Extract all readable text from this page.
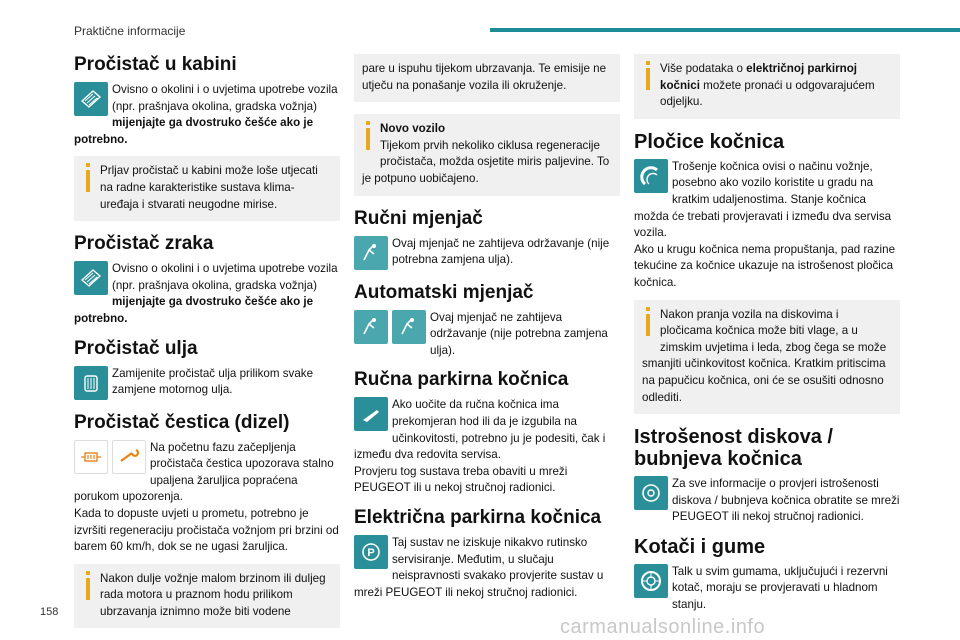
Praktične informacije
Pročistač u kabini

Ovisno o okolini i o uvjetima upotrebe vozila (npr. prašnjava okolina, gradska vožnja) mijenjajte ga dvostruko češće ako je potrebno.

Prljav pročistač u kabini može loše utjecati na radne karakteristike sustava klima-uređaja i stvarati neugodne mirise.

Pročistač zraka

Ovisno o okolini i o uvjetima upotrebe vozila (npr. prašnjava okolina, gradska vožnja) mijenjajte ga dvostruko češće ako je potrebno.

Pročistač ulja

Zamijenite pročistač ulja prilikom svake zamjene motornog ulja.

Pročistač čestica (dizel)

Na početnu fazu začepljenja pročistača čestica upozorava stalno upaljena žaruljica popraćena porukom upozorenja.

Kada to dopuste uvjeti u prometu, potrebno je izvršiti regeneraciju pročistača vožnjom pri brzini od barem 60 km/h, dok se ne ugasi žaruljica.

Nakon dulje vožnje malom brzinom ili duljeg rada motora u praznom hodu prilikom ubrzavanja iznimno može biti vodene

pare u ispuhu tijekom ubrzavanja. Te emisije ne utječu na ponašanje vozila ili okruženje.

Novo vozilo

Tijekom prvih nekoliko ciklusa regeneracije pročistača, možda osjetite miris paljevine. To je potpuno uobičajeno.

Ručni mjenjač

Ovaj mjenjač ne zahtijeva održavanje (nije potrebna zamjena ulja).

Automatski mjenjač

Ovaj mjenjač ne zahtijeva održavanje (nije potrebna zamjena ulja).

Ručna parkirna kočnica

Ako uočite da ručna kočnica ima prekomjeran hod ili da je izgubila na učinkovitosti, potrebno ju je podesiti, čak i između dva redovita servisa.

Provjeru tog sustava treba obaviti u mreži PEUGEOT ili u nekoj stručnoj radionici.

Električna parkirna kočnica
P

Taj sustav ne iziskuje nikakvo rutinsko servisiranje. Međutim, u slučaju neispravnosti svakako provjerite sustav u mreži PEUGEOT ili nekoj stručnoj radionici.

Više podataka o električnoj parkirnoj kočnici možete pronaći u odgovarajućem odjeljku.

Pločice kočnica

Trošenje kočnica ovisi o načinu vožnje, posebno ako vozilo koristite u gradu na kratkim udaljenostima. Stanje kočnica možda će trebati provjeravati i između dva servisa vozila.

Ako u krugu kočnica nema propuštanja, pad razine tekućine za kočnice ukazuje na istrošenost pločica kočnica.

Nakon pranja vozila na diskovima i pločicama kočnica može biti vlage, a u zimskim uvjetima i leda, zbog čega se može smanjiti učinkovitost kočnica. Kratkim pritiscima na papučicu kočnica, oni će se osušiti odnosno odlediti.

Istrošenost diskova / bubnjeva kočnica

Za sve informacije o provjeri istrošenosti diskova / bubnjeva kočnica obratite se mreži PEUGEOT ili nekoj stručnoj radionici.

Kotači i gume

Talk u svim gumama, uključujući i rezervni kotač, moraju se provjeravati u hladnom stanju.

158
carmanualsonline.info
